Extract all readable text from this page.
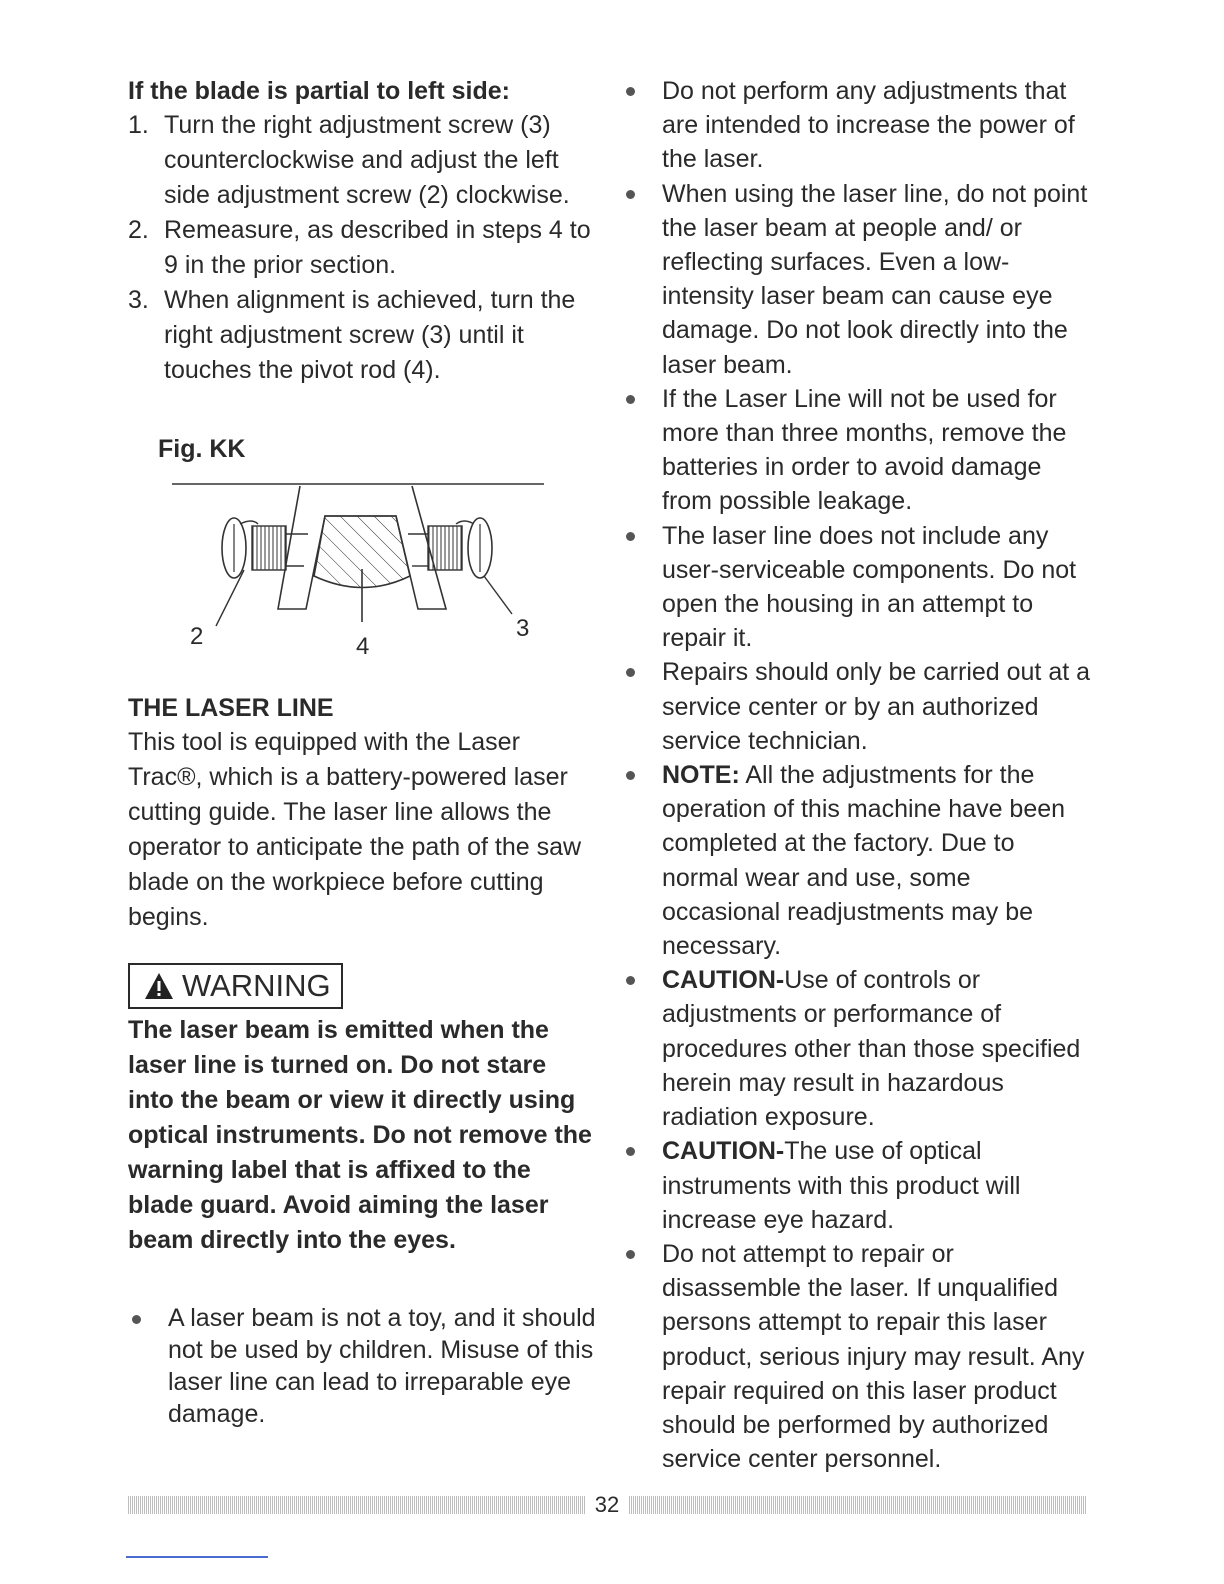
If the blade is partial to left side:

1. Turn the right adjustment screw (3) counterclockwise and adjust the left side adjustment screw (2) clockwise.
2. Remeasure, as described in steps 4 to 9 in the prior section.
3. When alignment is achieved, turn the right adjustment screw (3) until it touches the pivot rod (4).
Fig. KK
2	4
3
THE LASER LINE

This tool is equipped with the Laser Trac®, which is a battery-powered laser cutting guide. The laser line allows the operator to anticipate the path of the saw blade on the workpiece before cutting begins.

WARNING

The laser beam is emitted when the laser line is turned on. Do not stare into the beam or view it directly using optical instruments. Do not remove the warning label that is affixed to the blade guard. Avoid aiming the laser beam directly into the eyes.

A laser beam is not a toy, and it should not be used by children. Misuse of this laser line can lead to irreparable eye damage.
Do not perform any adjustments that are intended to increase the power of the laser.
When using the laser line, do not point the laser beam at people and/ or reflecting surfaces. Even a low-intensity laser beam can cause eye damage. Do not look directly into the laser beam.
If the Laser Line will not be used for more than three months, remove the batteries in order to avoid damage from possible leakage.
The laser line does not include any user-serviceable components. Do not open the housing in an attempt to repair it.
Repairs should only be carried out at a service center or by an authorized service technician.
NOTE: All the adjustments for the operation of this machine have been completed at the factory. Due to normal wear and use, some occasional readjustments may be necessary.
CAUTION-Use of controls or adjustments or performance of procedures other than those specified herein may result in hazardous radiation exposure.
CAUTION-The use of optical instruments with this product will increase eye hazard.
Do not attempt to repair or disassemble the laser. If unqualified persons attempt to repair this laser product, serious injury may result. Any repair required on this laser product should be performed by authorized service center personnel.
32
